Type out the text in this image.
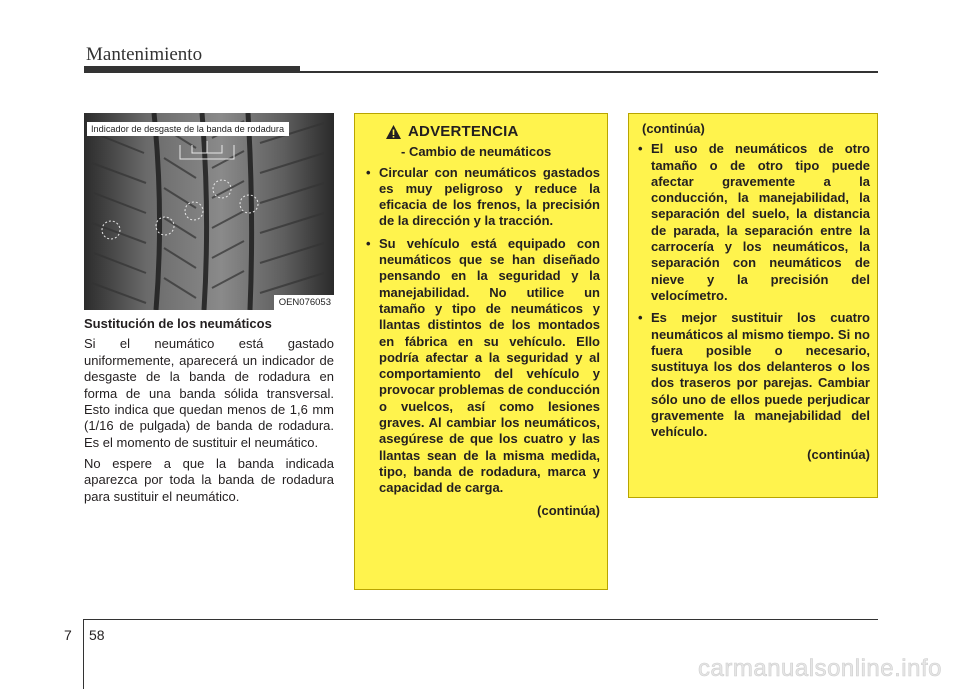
Mantenimiento
Indicador de desgaste de la banda de rodadura
OEN076053
Sustitución de los neumáticos

Si el neumático está gastado uniformemente, aparecerá un indicador de desgaste de la banda de rodadura en forma de una banda sólida transversal. Esto indica que quedan menos de 1,6 mm (1/16 de pulgada) de banda de rodadura. Es el momento de sustituir el neumático.

No espere a que la banda indicada aparezca por toda la banda de rodadura para sustituir el neumático.

ADVERTENCIA
- Cambio de neumáticos
• Circular con neumáticos gastados es muy peligroso y reduce la eficacia de los frenos, la precisión de la dirección y la tracción.
• Su vehículo está equipado con neumáticos que se han diseñado pensando en la seguridad y la manejabilidad. No utilice un tamaño y tipo de neumáticos y llantas distintos de los montados en fábrica en su vehículo. Ello podría afectar a la seguridad y al comportamiento del vehículo y provocar problemas de conducción o vuelcos, así como lesiones graves. Al cambiar los neumáticos, asegúrese de que los cuatro y las llantas sean de la misma medida, tipo, banda de rodadura, marca y capacidad de carga.
(continúa)
(continúa)
• El uso de neumáticos de otro tamaño o de otro tipo puede afectar gravemente a la conducción, la manejabilidad, la separación del suelo, la distancia de parada, la separación entre la carrocería y los neumáticos, la separación con neumáticos de nieve y la precisión del velocímetro.
• Es mejor sustituir los cuatro neumáticos al mismo tiempo. Si no fuera posible o necesario, sustituya los dos delanteros o los dos traseros por parejas. Cambiar sólo uno de ellos puede perjudicar gravemente la manejabilidad del vehículo.
(continúa)
7 58
carmanualsonline.info
